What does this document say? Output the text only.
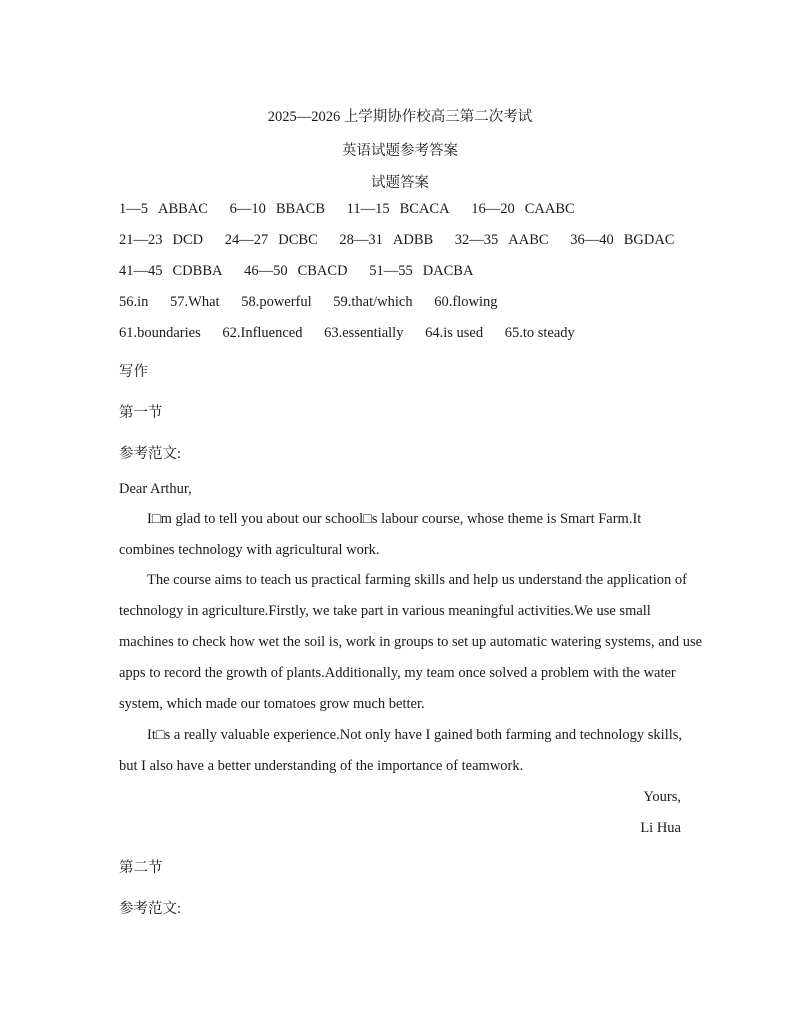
2025—2026 上学期协作校高三第二次考试
英语试题参考答案
试题答案
1—5 ABBAC 6—10 BBACB 11—15 BCACA 16—20 CAABC
21—23 DCD 24—27 DCBC 28—31 ADBB 32—35 AABC 36—40 BGDAC
41—45 CDBBA 46—50 CBACD 51—55 DACBA
56.in 57.What 58.powerful 59.that/which 60.flowing
61.boundaries 62.Influenced 63.essentially 64.is used 65.to steady
写作
第一节
参考范文:
Dear Arthur,
I□m glad to tell you about our school□s labour course, whose theme is Smart Farm.It
combines technology with agricultural work.
The course aims to teach us practical farming skills and help us understand the application of
technology in agriculture.Firstly, we take part in various meaningful activities.We use small
machines to check how wet the soil is, work in groups to set up automatic watering systems, and use
apps to record the growth of plants.Additionally, my team once solved a problem with the water
system, which made our tomatoes grow much better.
It□s a really valuable experience.Not only have I gained both farming and technology skills,
but I also have a better understanding of the importance of teamwork.
Yours,
Li Hua
第二节
参考范文:
